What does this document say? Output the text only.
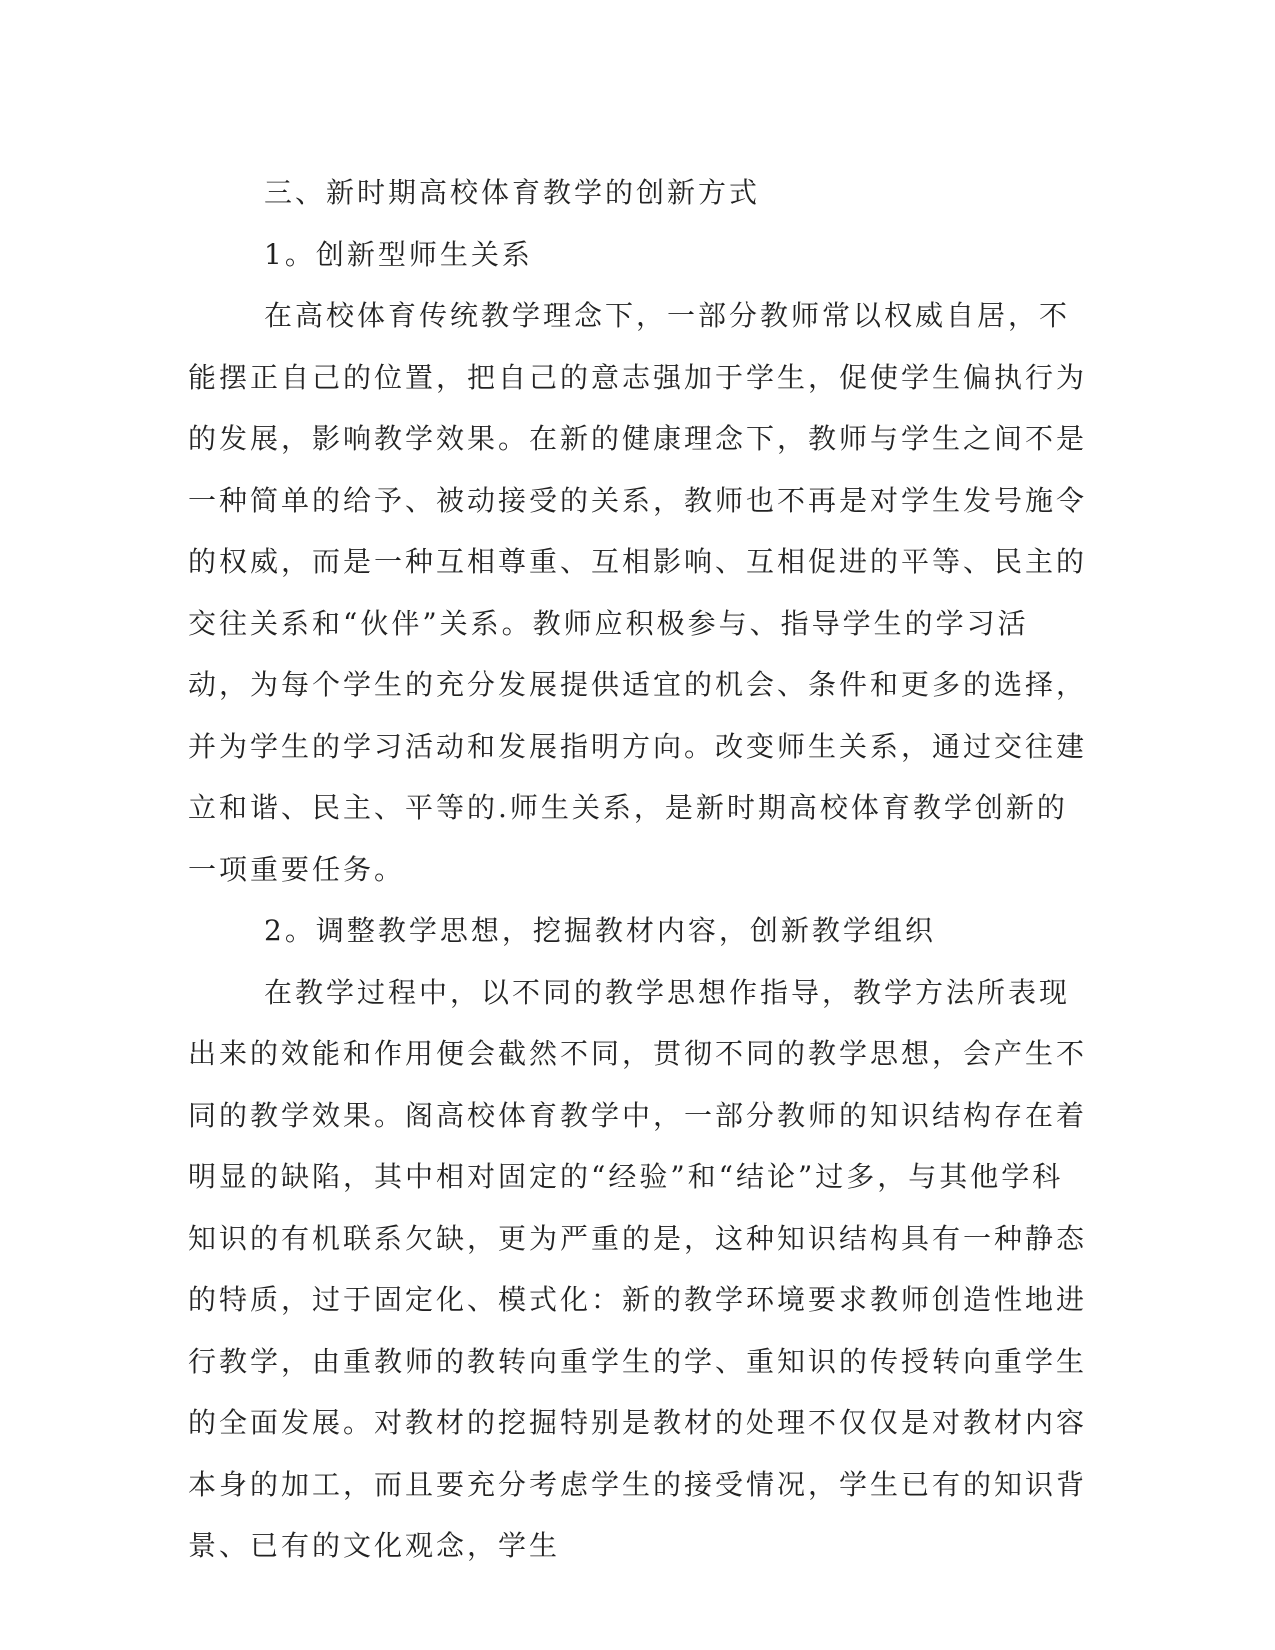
三、新时期高校体育教学的创新方式

1。创新型师生关系

在高校体育传统教学理念下，一部分教师常以权威自居，不能摆正自己的位置，把自己的意志强加于学生，促使学生偏执行为的发展，影响教学效果。在新的健康理念下，教师与学生之间不是一种简单的给予、被动接受的关系，教师也不再是对学生发号施令的权威，而是一种互相尊重、互相影响、互相促进的平等、民主的交往关系和“伙伴”关系。教师应积极参与、指导学生的学习活动，为每个学生的充分发展提供适宜的机会、条件和更多的选择，并为学生的学习活动和发展指明方向。改变师生关系，通过交往建立和谐、民主、平等的.师生关系，是新时期高校体育教学创新的一项重要任务。

2。调整教学思想，挖掘教材内容，创新教学组织

在教学过程中，以不同的教学思想作指导，教学方法所表现出来的效能和作用便会截然不同，贯彻不同的教学思想，会产生不同的教学效果。阁高校体育教学中，一部分教师的知识结构存在着明显的缺陷，其中相对固定的“经验”和“结论”过多，与其他学科知识的有机联系欠缺，更为严重的是，这种知识结构具有一种静态的特质，过于固定化、模式化：新的教学环境要求教师创造性地进行教学，由重教师的教转向重学生的学、重知识的传授转向重学生的全面发展。对教材的挖掘特别是教材的处理不仅仅是对教材内容本身的加工，而且要充分考虑学生的接受情况，学生已有的知识背景、已有的文化观念，学生
